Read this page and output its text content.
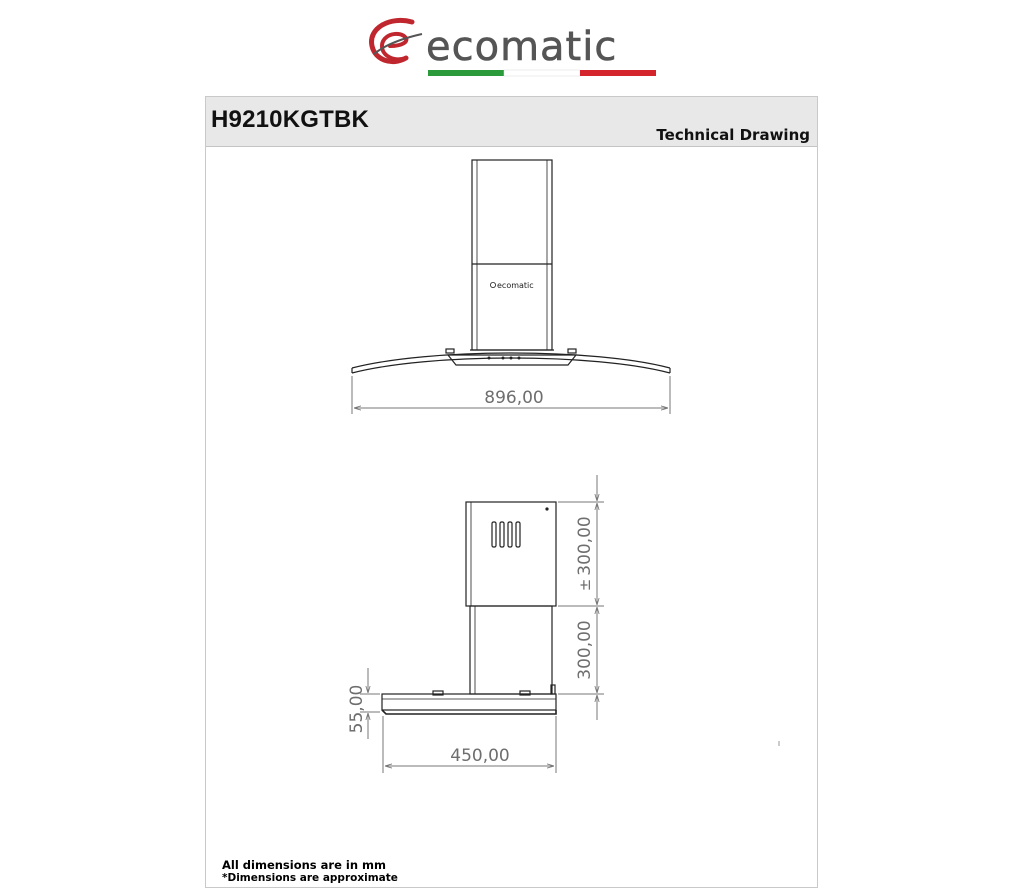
ecomatic
H9210KGTBK
Technical Drawing
ecomatic
896,00
450,00
55,00
300,00
±
300,00
All dimensions are in mm
*Dimensions are approximate
